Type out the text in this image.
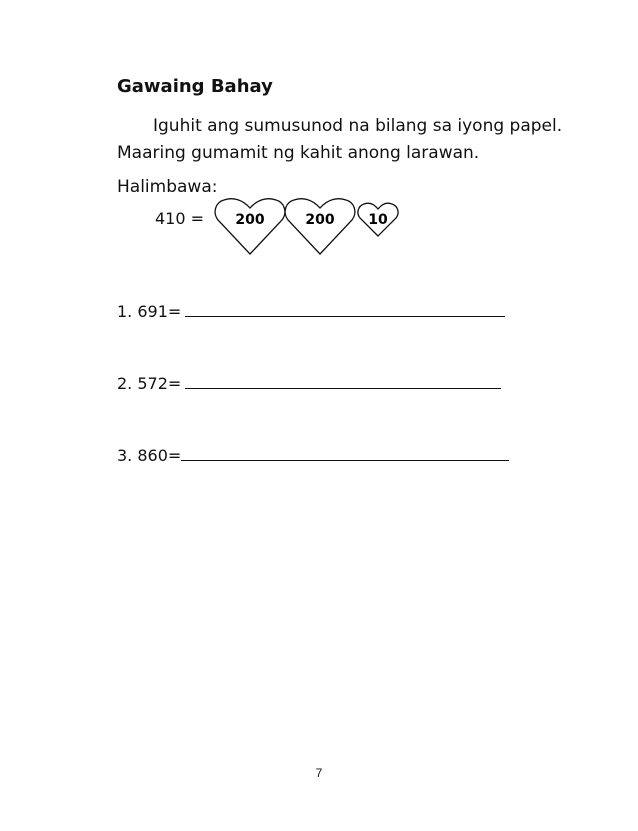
Gawaing Bahay
Iguhit ang sumusunod na bilang sa iyong papel.
Maaring gumamit ng kahit anong larawan.
Halimbawa:
410 = 200	200 10
1. 691=
2. 572=
3. 860=
7
